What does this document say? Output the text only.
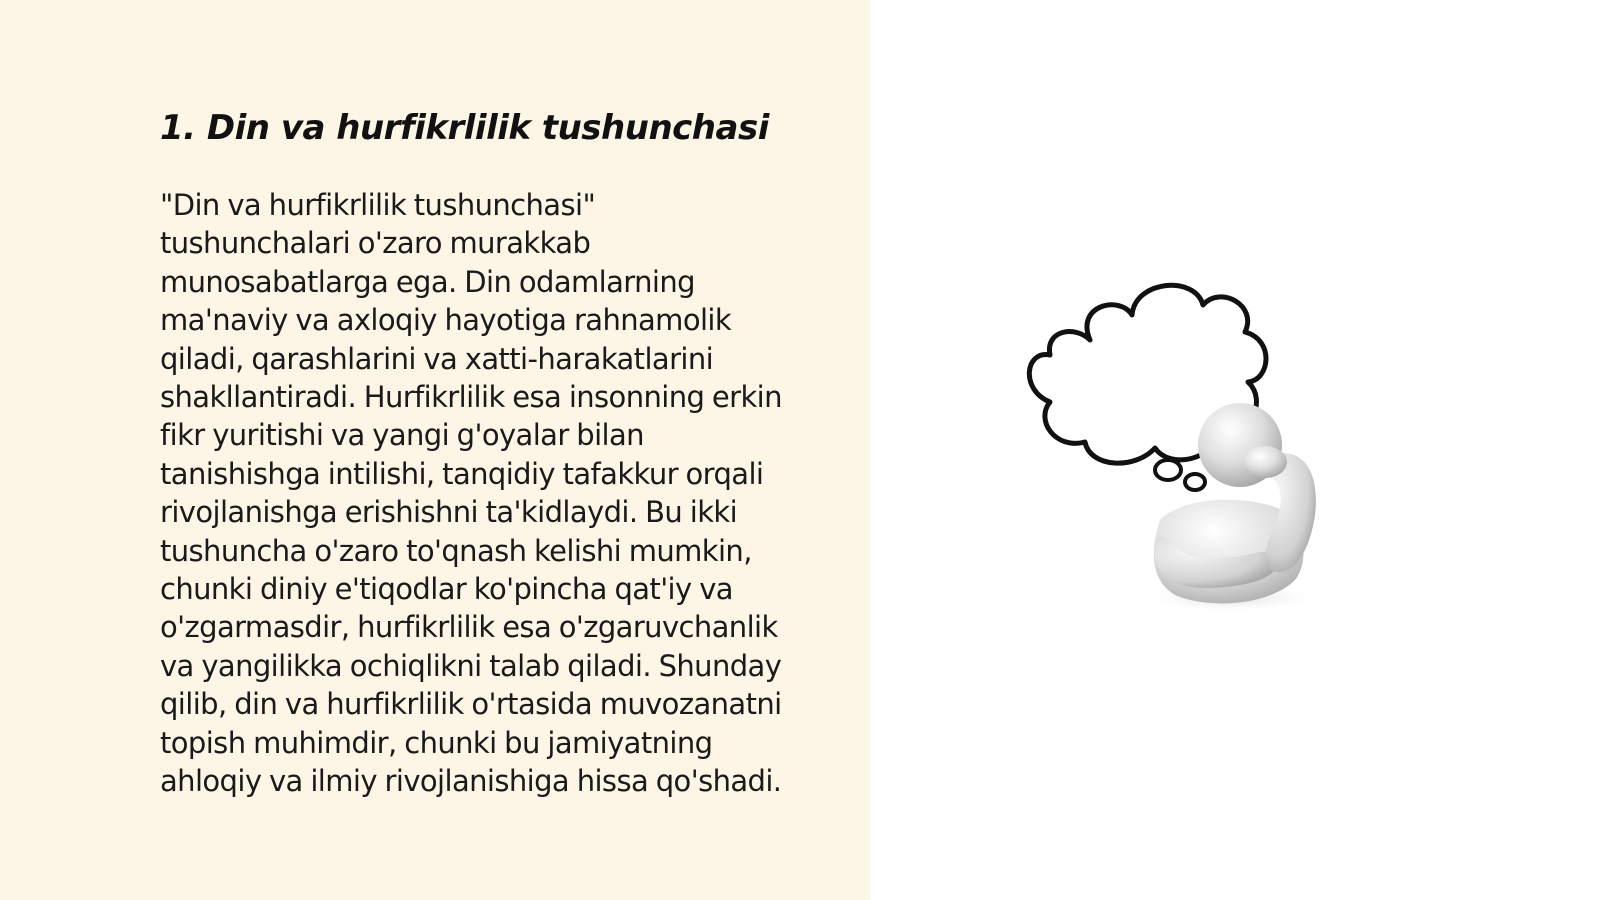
1. Din va hurfikrlilik tushunchasi

"Din va hurfikrlilik tushunchasi"
tushunchalari o'zaro murakkab
munosabatlarga ega. Din odamlarning
ma'naviy va axloqiy hayotiga rahnamolik
qiladi, qarashlarini va xatti-harakatlarini
shakllantiradi. Hurfikrlilik esa insonning erkin
fikr yuritishi va yangi g'oyalar bilan
tanishishga intilishi, tanqidiy tafakkur orqali
rivojlanishga erishishni ta'kidlaydi. Bu ikki
tushuncha o'zaro to'qnash kelishi mumkin,
chunki diniy e'tiqodlar ko'pincha qat'iy va
o'zgarmasdir, hurfikrlilik esa o'zgaruvchanlik
va yangilikka ochiqlikni talab qiladi. Shunday
qilib, din va hurfikrlilik o'rtasida muvozanatni
topish muhimdir, chunki bu jamiyatning
ahloqiy va ilmiy rivojlanishiga hissa qo'shadi.
